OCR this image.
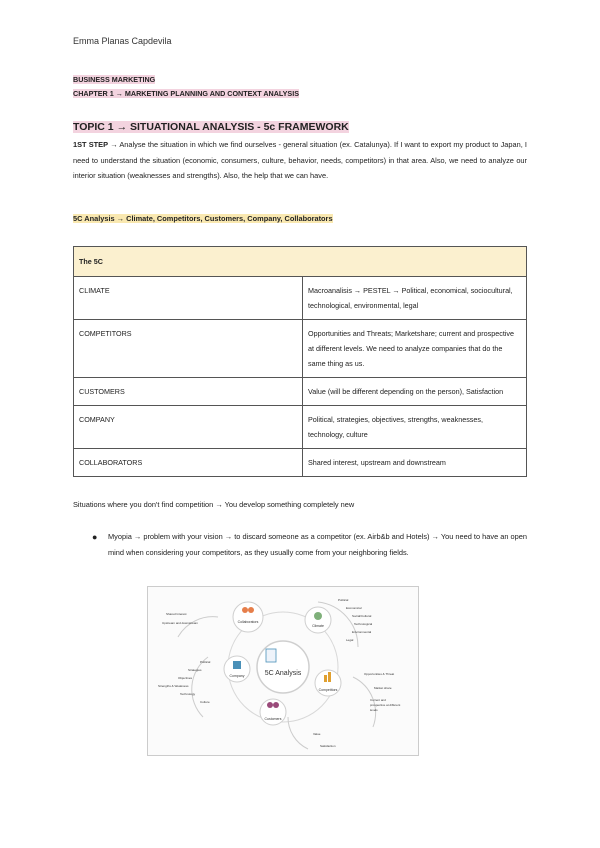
Emma Planas Capdevila
BUSINESS MARKETING
CHAPTER 1 → MARKETING PLANNING AND CONTEXT ANALYSIS
TOPIC 1 → SITUATIONAL ANALYSIS - 5c FRAMEWORK
1ST STEP → Analyse the situation in which we find ourselves - general situation (ex. Catalunya). If I want to export my product to Japan, I need to understand the situation (economic, consumers, culture, behavior, needs, competitors) in that area. Also, we need to analyze our interior situation (weaknesses and strengths). Also, the help that we can have.
5C Analysis → Climate, Competitors, Customers, Company, Collaborators
The 5C	
CLIMATE	Macroanalisis → PESTEL → Political, economical, sociocultural, technological, environmental, legal
COMPETITORS	Opportunities and Threats; Marketshare; current and prospective at different levels. We need to analyze companies that do the same thing as us.
CUSTOMERS	Value (will be different depending on the person), Satisfaction
COMPANY	Political, strategies, objectives, strengths, weaknesses, technology, culture
COLLABORATORS	Shared interest, upstream and downstream
Situations where you don't find competition → You develop something completely new
● Myopia → problem with your vision → to discard someone as a competitor (ex. Airb&b and Hotels) → You need to have an open mind when considering your competitors, as they usually come from your neighboring fields.
5C Analysis
Collaborators
Climate
Company
Competitors
Customers
Shared Interest
Upstream and downstream
Political
Economical
Social/Cultural
Technological
Environmental
Legal
Political
Strategies
Objectives
Strengths & Weakness
Technology
Culture
Opportunities & Threat
Market share
Current and
prospective at different
levels
Value
Satisfaction
